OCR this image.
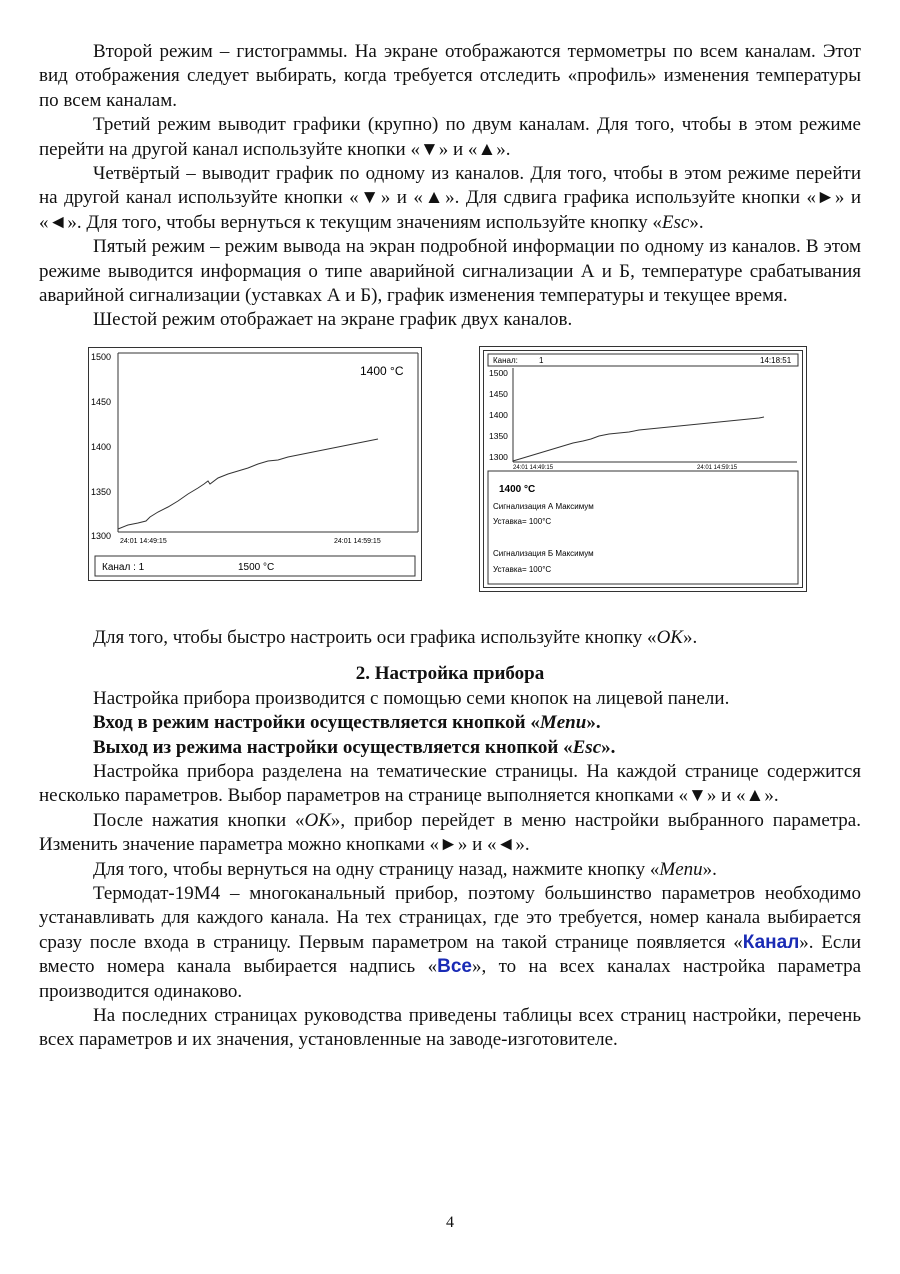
Второй режим – гистограммы. На экране отображаются термометры по всем каналам. Этот вид отображения следует выбирать, когда требуется отследить «профиль» изменения температуры по всем каналам.

Третий режим выводит графики (крупно) по двум каналам. Для того, чтобы в этом режиме перейти на другой канал используйте кнопки «▼» и «▲».

Четвёртый – выводит график по одному из каналов. Для того, чтобы в этом режиме перейти на другой канал используйте кнопки «▼» и «▲». Для сдвига графика используйте кнопки «►» и «◄». Для того, чтобы вернуться к текущим значениям используйте кнопку «Esc».

Пятый режим – режим вывода на экран подробной информации по одному из каналов. В этом режиме выводится информация о типе аварийной сигнализации А и Б, температуре срабатывания аварийной сигнализации (уставках А и Б), график изменения температуры и текущее время.

Шестой режим отображает на экране график двух каналов.

1500
1450
1400
1350
1300
24:01 14:49:15	24:01 14:59:15
1400 °C
Канал : 1	1500 °C
Канал:	1	14:18:51
1500
1450
1400
1350
1300
24:01 14:49:15	24:01 14:59:15
1400 °C
Сигнализация А Максимум
Уставка= 100°С
Сигнализация Б Максимум
Уставка= 100°С

Для того, чтобы быстро настроить оси графика используйте кнопку «OK».

2. Настройка прибора

Настройка прибора производится с помощью семи кнопок на лицевой панели.

Вход в режим настройки осуществляется кнопкой «Menu».

Выход из режима настройки осуществляется кнопкой «Esc».

Настройка прибора разделена на тематические страницы. На каждой странице содержится несколько параметров. Выбор параметров на странице выполняется кнопками «▼» и «▲».

После нажатия кнопки «OK», прибор перейдет в меню настройки выбранного параметра. Изменить значение параметра можно кнопками «►» и «◄».

Для того, чтобы вернуться на одну страницу назад, нажмите кнопку «Menu».

Термодат-19М4 – многоканальный прибор, поэтому большинство параметров необходимо устанавливать для каждого канала. На тех страницах, где это требуется, номер канала выбирается сразу после входа в страницу. Первым параметром на такой странице появляется «Канал». Если вместо номера канала выбирается надпись «Все», то на всех каналах настройка параметра производится одинаково.

На последних страницах руководства приведены таблицы всех страниц настройки, перечень всех параметров и их значения, установленные на заводе-изготовителе.

4
